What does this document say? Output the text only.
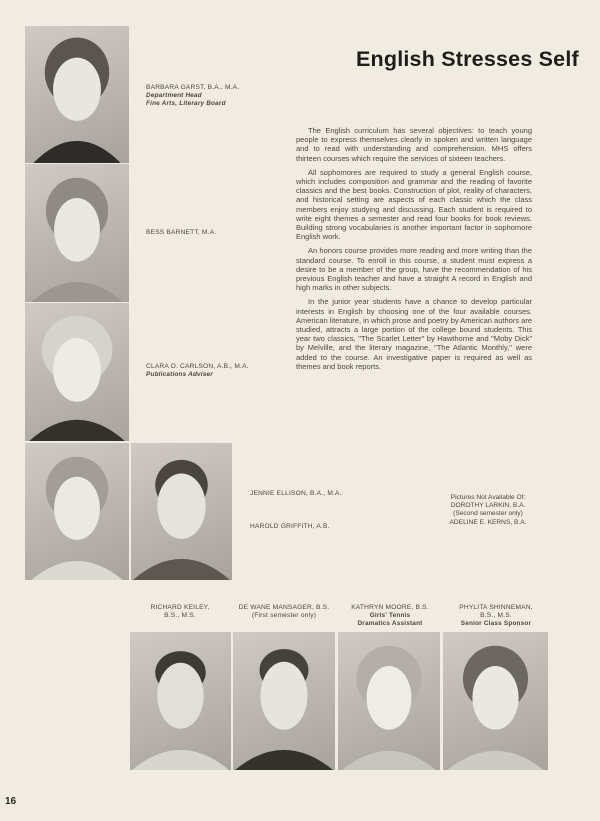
English Stresses Self

The English curriculum has several objectives: to teach young people to express themselves clearly in spoken and written language and to read with understanding and comprehension. MHS offers thirteen courses which require the services of sixteen teachers.

All sophomores are required to study a general English course, which includes composition and grammar and the reading of favorite classics and the best books. Construction of plot, reality of characters, and historical setting are aspects of each classic which the class members enjoy studying and discussing. Each student is required to write eight themes a semester and read four books for book reviews. Building strong vocabularies is another important factor in sophomore English work.

An honors course provides more reading and more writing than the standard course. To enroll in this course, a student must express a desire to be a member of the group, have the recommendation of his previous English teacher and have a straight A record in English and high marks in other subjects.

In the junior year students have a chance to develop particular interests in English by choosing one of the four available courses. American literature, in which prose and poetry by American authors are studied, attracts a large portion of the college bound students. This year two classics, "The Scarlet Letter" by Hawthorne and "Moby Dick" by Melville, and the literary magazine, "The Atlantic Monthly," were added to the course. An investigative paper is required as well as themes and book reports.

BARBARA GARST, B.A., M.A.
Department Head
Fine Arts, Literary Board
BESS BARNETT, M.A.
CLARA O. CARLSON, A.B., M.A.
Publications Adviser
JENNIE ELLISON, B.A., M.A.
HAROLD GRIFFITH, A.B.
Pictures Not Available Of:
DOROTHY LARKIN, B.A.
(Second semester only)
ADELINE E. KERNS, B.A.
RICHARD KEILEY,
B.S., M.S.
DE WANE MANSAGER, B.S.
(First semester only)
KATHRYN MOORE, B.S.
Girls' Tennis
Dramatics Assistant
PHYLITA SHINNEMAN,
B.S., M.S.
Senior Class Sponsor
16
